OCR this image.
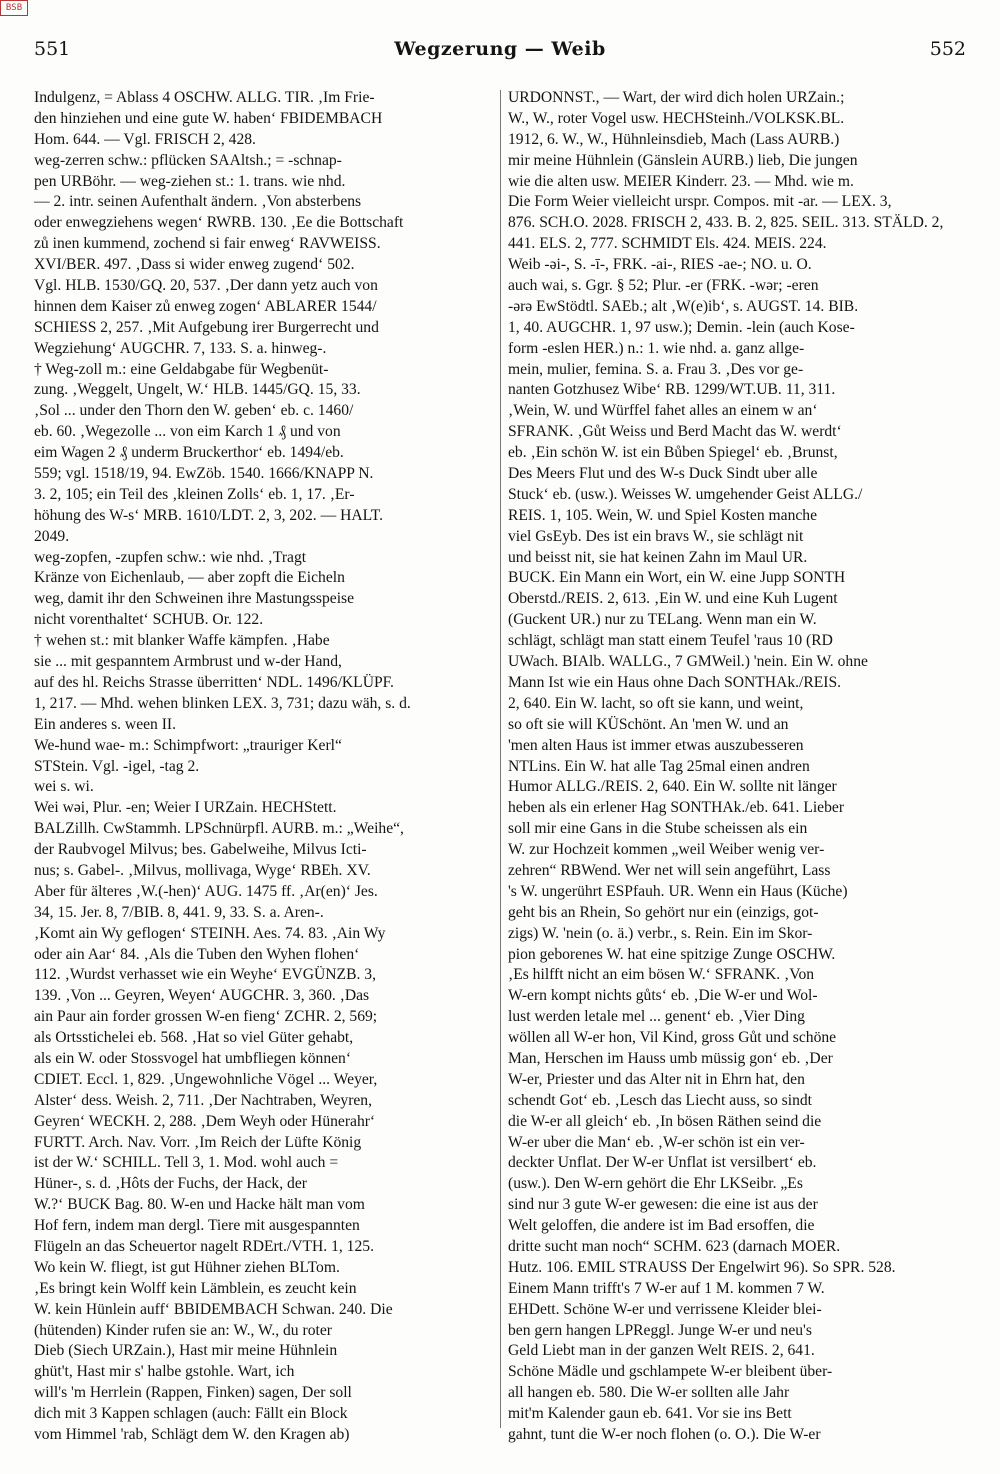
BSB
551	Wegzerung — Weib	552
Indulgenz, = Ablass 4 OSCHW. ALLG. TIR. ‚Im Frie-
den hinziehen und eine gute W. haben‘ FBIDEMBACH
Hom. 644. — Vgl. FRISCH 2, 428.
weg-zerren schw.: pflücken SAAltsh.; = -schnap-
pen URBöhr. — weg-ziehen st.: 1. trans. wie nhd.
— 2. intr. seinen Aufenthalt ändern. ‚Von absterbens
oder enwegziehens wegen‘ RWRB. 130. ‚Ee die Bottschaft
zů inen kummend, zochend si fair enweg‘ RAVWEISS.
XVI/BER. 497. ‚Dass si wider enweg zugend‘ 502.
Vgl. HLB. 1530/GQ. 20, 537. ‚Der dann yetz auch von
hinnen dem Kaiser zů enweg zogen‘ ABLARER 1544/
SCHIESS 2, 257. ‚Mit Aufgebung irer Burgerrecht und
Wegziehung‘ AUGCHR. 7, 133. S. a. hinweg-.
† Weg-zoll m.: eine Geldabgabe für Wegbenüt-
zung. ‚Weggelt, Ungelt, W.‘ HLB. 1445/GQ. 15, 33.
‚Sol ... under den Thorn den W. geben‘ eb. c. 1460/
eb. 60. ‚Wegezolle ... von eim Karch 1 ₰ und von
eim Wagen 2 ₰ underm Bruckerthor‘ eb. 1494/eb.
559; vgl. 1518/19, 94. EwZöb. 1540. 1666/KNAPP N.
3. 2, 105; ein Teil des ‚kleinen Zolls‘ eb. 1, 17. ‚Er-
höhung des W-s‘ MRB. 1610/LDT. 2, 3, 202. — HALT.
2049.
weg-zopfen, -zupfen schw.: wie nhd. ‚Tragt
Kränze von Eichenlaub, — aber zopft die Eicheln
weg, damit ihr den Schweinen ihre Mastungsspeise
nicht vorenthaltet‘ SCHUB. Or. 122.
† wehen st.: mit blanker Waffe kämpfen. ‚Habe
sie ... mit gespanntem Armbrust und w-der Hand,
auf des hl. Reichs Strasse überritten‘ NDL. 1496/KLÜPF.
1, 217. — Mhd. wehen blinken LEX. 3, 731; dazu wäh, s. d.
Ein anderes s. ween II.
We-hund wae- m.: Schimpfwort: „trauriger Kerl“
STStein. Vgl. -igel, -tag 2.
wei s. wi.
Wei wəi, Plur. -en; Weier I URZain. HECHStett.
BALZillh. CwStammh. LPSchnürpfl. AURB. m.: „Weihe“,
der Raubvogel Milvus; bes. Gabelweihe, Milvus Icti-
nus; s. Gabel-. ‚Milvus, mollivaga, Wyge‘ RBEh. XV.
Aber für älteres ‚W.(-hen)‘ AUG. 1475 ff. ‚Ar(en)‘ Jes.
34, 15. Jer. 8, 7/BIB. 8, 441. 9, 33. S. a. Aren-.
‚Komt ain Wy geflogen‘ STEINH. Aes. 74. 83. ‚Ain Wy
oder ain Aar‘ 84. ‚Als die Tuben den Wyhen flohen‘
112. ‚Wurdst verhasset wie ein Weyhe‘ EVGÜNZB. 3,
139. ‚Von ... Geyren, Weyen‘ AUGCHR. 3, 360. ‚Das
ain Paur ain forder grossen W-en fieng‘ ZCHR. 2, 569;
als Ortsstichelei eb. 568. ‚Hat so viel Güter gehabt,
als ein W. oder Stossvogel hat umbfliegen können‘
CDIET. Eccl. 1, 829. ‚Ungewohnliche Vögel ... Weyer,
Alster‘ dess. Weish. 2, 711. ‚Der Nachtraben, Weyren,
Geyren‘ WECKH. 2, 288. ‚Dem Weyh oder Hünerahr‘
FURTT. Arch. Nav. Vorr. ‚Im Reich der Lüfte König
ist der W.‘ SCHILL. Tell 3, 1. Mod. wohl auch =
Hüner-, s. d. ‚Hôts der Fuchs, der Hack, der
W.?‘ BUCK Bag. 80. W-en und Hacke hält man vom
Hof fern, indem man dergl. Tiere mit ausgespannten
Flügeln an das Scheuertor nagelt RDErt./VTH. 1, 125.
Wo kein W. fliegt, ist gut Hühner ziehen BLTom.
‚Es bringt kein Wolff kein Lämblein, es zeucht kein
W. kein Hünlein auff‘ BBIDEMBACH Schwan. 240. Die
(hütenden) Kinder rufen sie an: W., W., du roter
Dieb (Siech URZain.), Hast mir meine Hühnlein
ghüt't, Hast mir s' halbe gstohle. Wart, ich
will's 'm Herrlein (Rappen, Finken) sagen, Der soll
dich mit 3 Kappen schlagen (auch: Fällt ein Block
vom Himmel 'rab, Schlägt dem W. den Kragen ab)
URDONNST., — Wart, der wird dich holen URZain.;
W., W., roter Vogel usw. HECHSteinh./VOLKSK.BL.
1912, 6. W., W., Hühnleinsdieb, Mach (Lass AURB.)
mir meine Hühnlein (Gänslein AURB.) lieb, Die jungen
wie die alten usw. MEIER Kinderr. 23. — Mhd. wie m.
Die Form Weier vielleicht urspr. Compos. mit -ar. — LEX. 3,
876. SCH.O. 2028. FRISCH 2, 433. B. 2, 825. SEIL. 313. STÄLD. 2,
441. ELS. 2, 777. SCHMIDT Els. 424. MEIS. 224.
Weib -əi-, S. -ī-, FRK. -ai-, RIES -ae-; NO. u. O.
auch wai, s. Ggr. § 52; Plur. -er (FRK. -wər; -eren
-ərə EwStödtl. SAEb.; alt ‚W(e)ib‘, s. AUGST. 14. BIB.
1, 40. AUGCHR. 1, 97 usw.); Demin. -lein (auch Kose-
form -eslen HER.) n.: 1. wie nhd. a. ganz allge-
mein, mulier, femina. S. a. Frau 3. ‚Des vor ge-
nanten Gotzhusez Wibe‘ RB. 1299/WT.UB. 11, 311.
‚Wein, W. und Würffel fahet alles an einem w an‘
SFRANK. ‚Gůt Weiss und Berd Macht das W. werdt‘
eb. ‚Ein schön W. ist ein Bůben Spiegel‘ eb. ‚Brunst,
Des Meers Flut und des W-s Duck Sindt uber alle
Stuck‘ eb. (usw.). Weisses W. umgehender Geist ALLG./
REIS. 1, 105. Wein, W. und Spiel Kosten manche
viel GsEyb. Des ist ein bravs W., sie schlägt nit
und beisst nit, sie hat keinen Zahn im Maul UR.
BUCK. Ein Mann ein Wort, ein W. eine Jupp SONTH
Oberstd./REIS. 2, 613. ‚Ein W. und eine Kuh Lugent
(Guckent UR.) nur zu TELang. Wenn man ein W.
schlägt, schlägt man statt einem Teufel 'raus 10 (RD
UWach. BIAlb. WALLG., 7 GMWeil.) 'nein. Ein W. ohne
Mann Ist wie ein Haus ohne Dach SONTHAk./REIS.
2, 640. Ein W. lacht, so oft sie kann, und weint,
so oft sie will KÜSchönt. An 'men W. und an
'men alten Haus ist immer etwas auszubesseren
NTLins. Ein W. hat alle Tag 25mal einen andren
Humor ALLG./REIS. 2, 640. Ein W. sollte nit länger
heben als ein erlener Hag SONTHAk./eb. 641. Lieber
soll mir eine Gans in die Stube scheissen als ein
W. zur Hochzeit kommen „weil Weiber wenig ver-
zehren“ RBWend. Wer net will sein angeführt, Lass
's W. ungerührt ESPfauh. UR. Wenn ein Haus (Küche)
geht bis an Rhein, So gehört nur ein (einzigs, got-
zigs) W. 'nein (o. ä.) verbr., s. Rein. Ein im Skor-
pion geborenes W. hat eine spitzige Zunge OSCHW.
‚Es hilfft nicht an eim bösen W.‘ SFRANK. ‚Von
W-ern kompt nichts gůts‘ eb. ‚Die W-er und Wol-
lust werden letale mel ... genent‘ eb. ‚Vier Ding
wöllen all W-er hon, Vil Kind, gross Gůt und schöne
Man, Herschen im Hauss umb müssig gon‘ eb. ‚Der
W-er, Priester und das Alter nit in Ehrn hat, den
schendt Got‘ eb. ‚Lesch das Liecht auss, so sindt
die W-er all gleich‘ eb. ‚In bösen Räthen seind die
W-er uber die Man‘ eb. ‚W-er schön ist ein ver-
deckter Unflat. Der W-er Unflat ist versilbert‘ eb.
(usw.). Den W-ern gehört die Ehr LKSeibr. „Es
sind nur 3 gute W-er gewesen: die eine ist aus der
Welt geloffen, die andere ist im Bad ersoffen, die
dritte sucht man noch“ SCHM. 623 (darnach MOER.
Hutz. 106. EMIL STRAUSS Der Engelwirt 96). So SPR. 528.
Einem Mann trifft's 7 W-er auf 1 M. kommen 7 W.
EHDett. Schöne W-er und verrissene Kleider blei-
ben gern hangen LPReggl. Junge W-er und neu's
Geld Liebt man in der ganzen Welt REIS. 2, 641.
Schöne Mädle und gschlampete W-er bleibent über-
all hangen eb. 580. Die W-er sollten alle Jahr
mit'm Kalender gaun eb. 641. Vor sie ins Bett
gahnt, tunt die W-er noch flohen (o. O.). Die W-er
